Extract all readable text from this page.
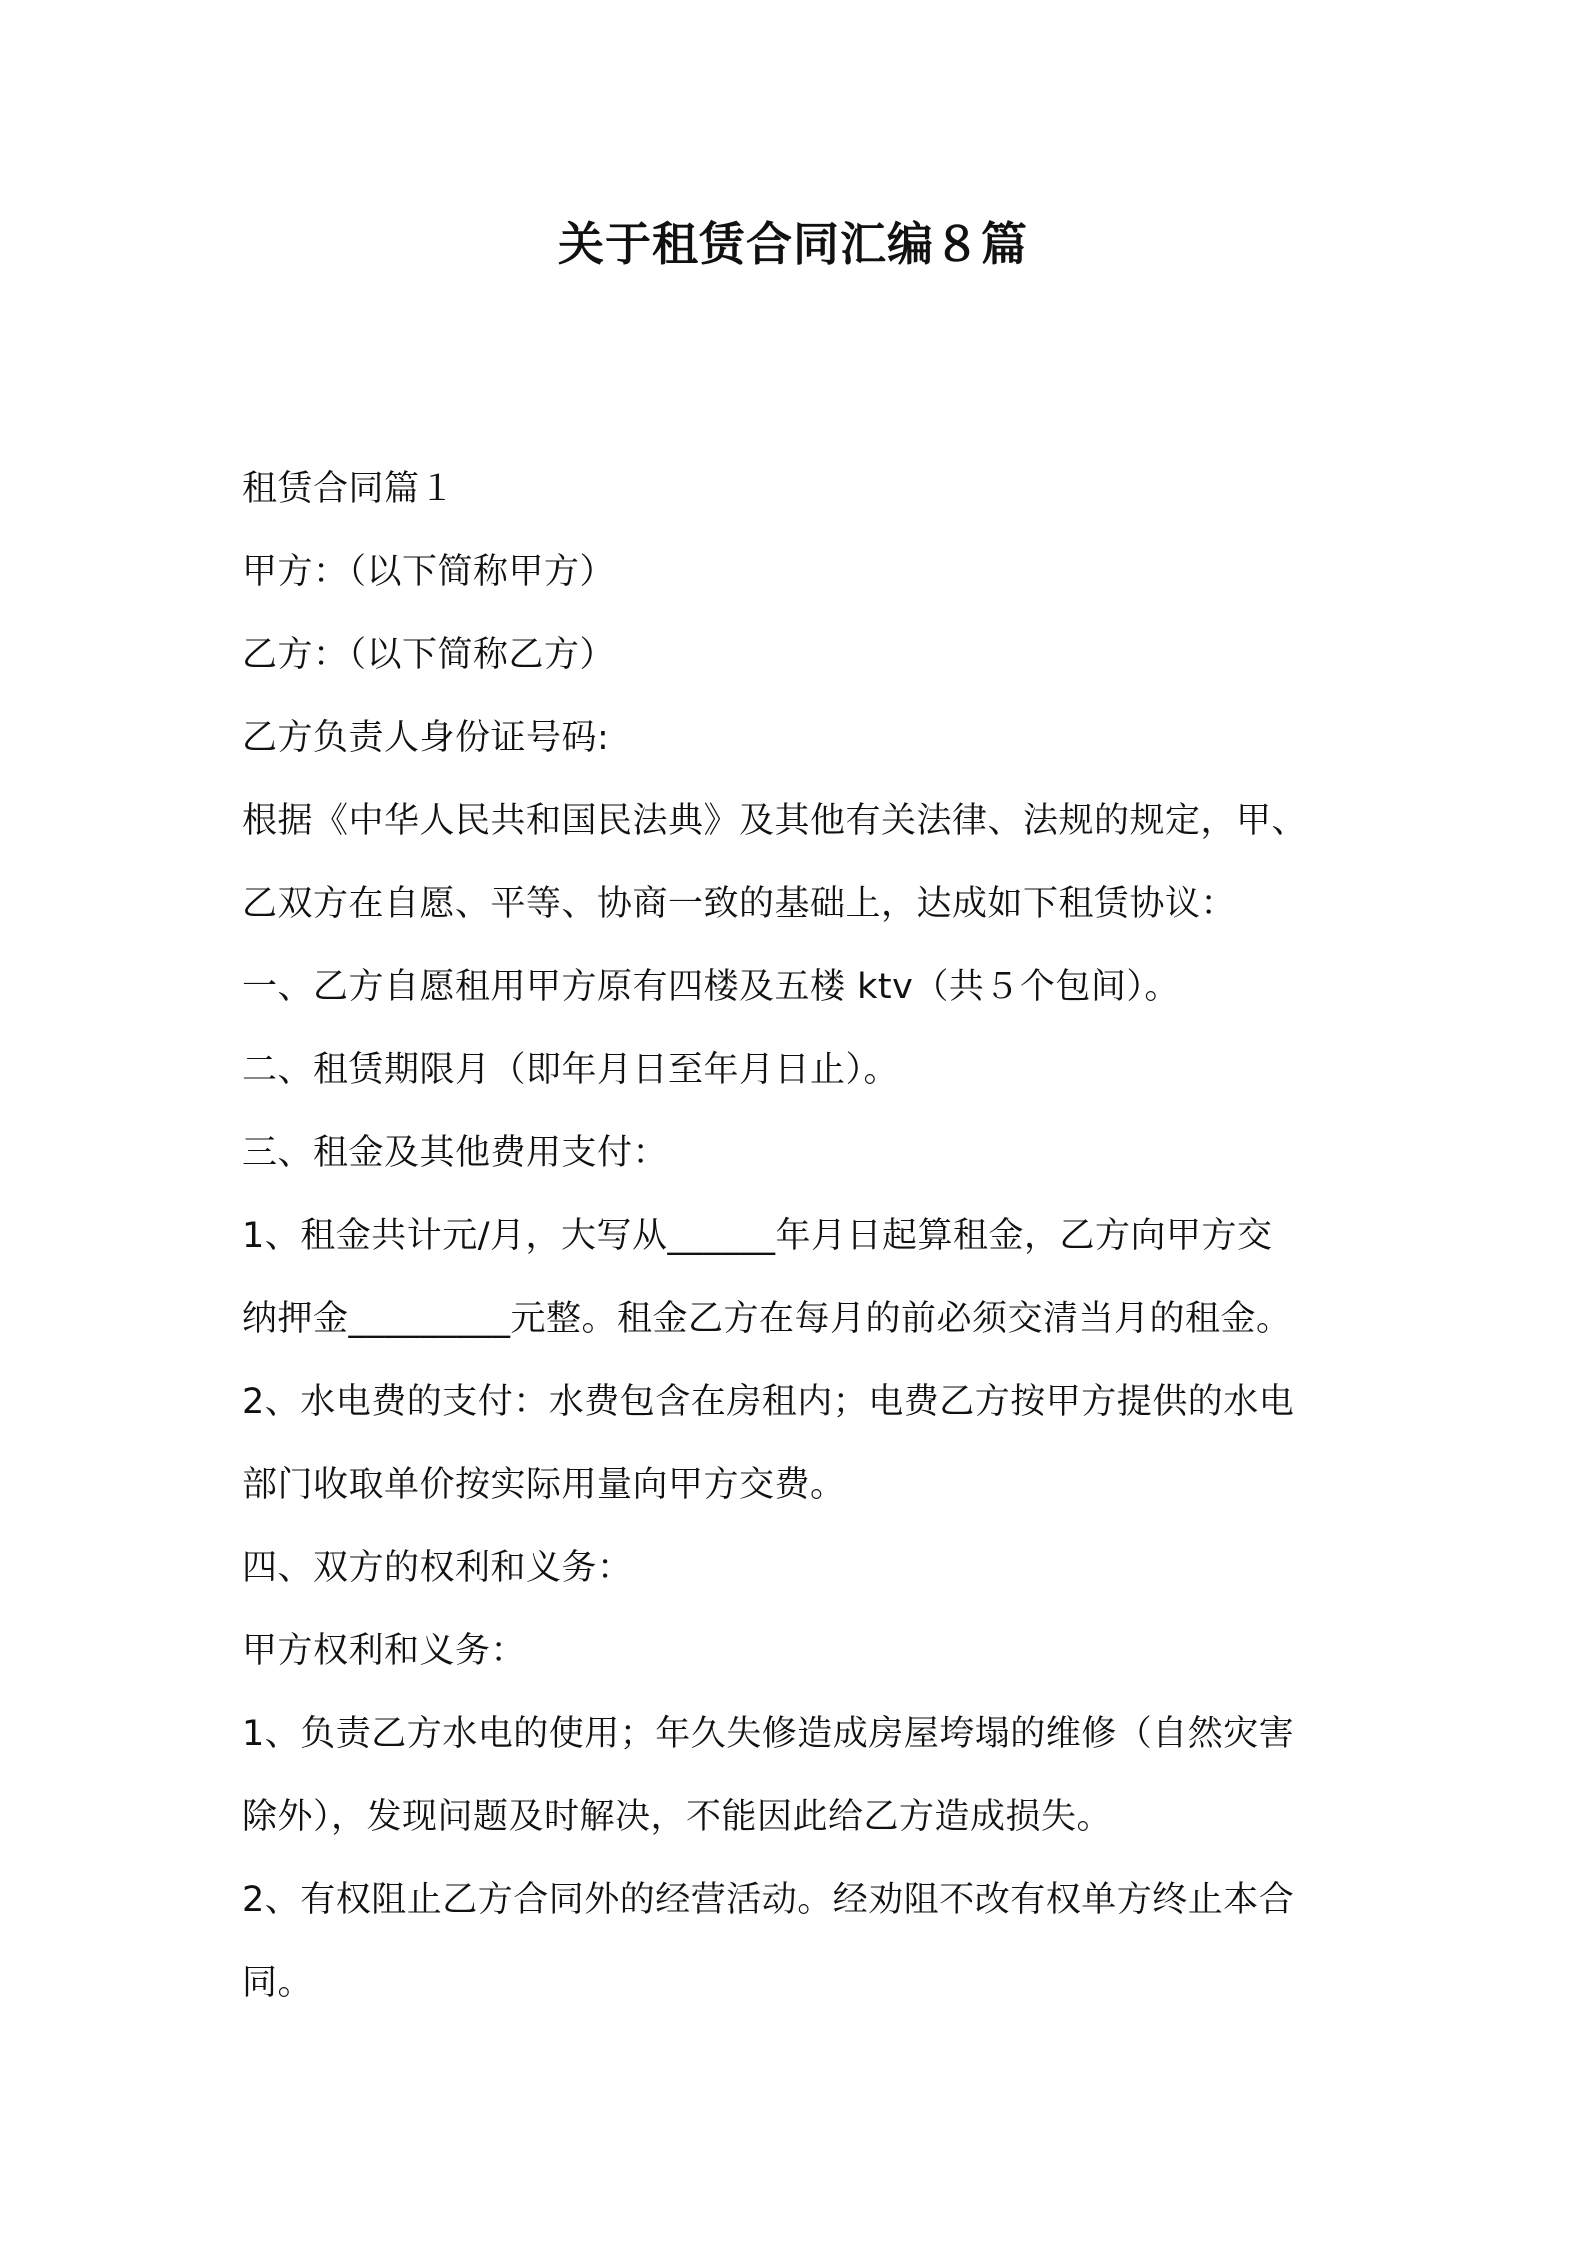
关于租赁合同汇编８篇

租赁合同篇１

甲方：（以下简称甲方）

乙方：（以下简称乙方）

乙方负责人身份证号码:

根据《中华人民共和国民法典》及其他有关法律、法规的规定，甲、

乙双方在自愿、平等、协商一致的基础上，达成如下租赁协议：

一、乙方自愿租用甲方原有四楼及五楼 ktv（共５个包间）。

二、租赁期限月（即年月日至年月日止）。

三、租金及其他费用支付：

1、租金共计元/月，大写从______年月日起算租金，乙方向甲方交

纳押金_________元整。租金乙方在每月的前必须交清当月的租金。

2、水电费的支付：水费包含在房租内；电费乙方按甲方提供的水电

部门收取单价按实际用量向甲方交费。

四、双方的权利和义务：

甲方权利和义务：

1、负责乙方水电的使用；年久失修造成房屋垮塌的维修（自然灾害

除外），发现问题及时解决，不能因此给乙方造成损失。

2、有权阻止乙方合同外的经营活动。经劝阻不改有权单方终止本合

同。
